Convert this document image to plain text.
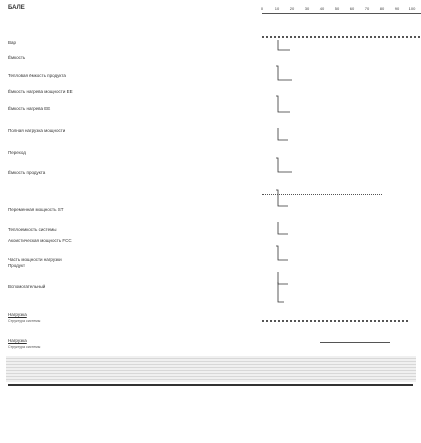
БАЛЕ	0	10	20	30	40	50	60	70	80	90	100
Вар
Ёмкость
Тепловая ёмкость продукта
Ёмкость нагрева мощности ЕЕ
Ёмкость нагрева ЕЕ
Полная нагрузка мощности
Переход
Ёмкость продукта
Переменная мощность ST
Теплоемкость системы
Акоистическая мощность FCC
Часть мощности нагрузки
Продукт
Вспомогательный
Нагрузка
Структура системы
Нагрузка
Структура системы
